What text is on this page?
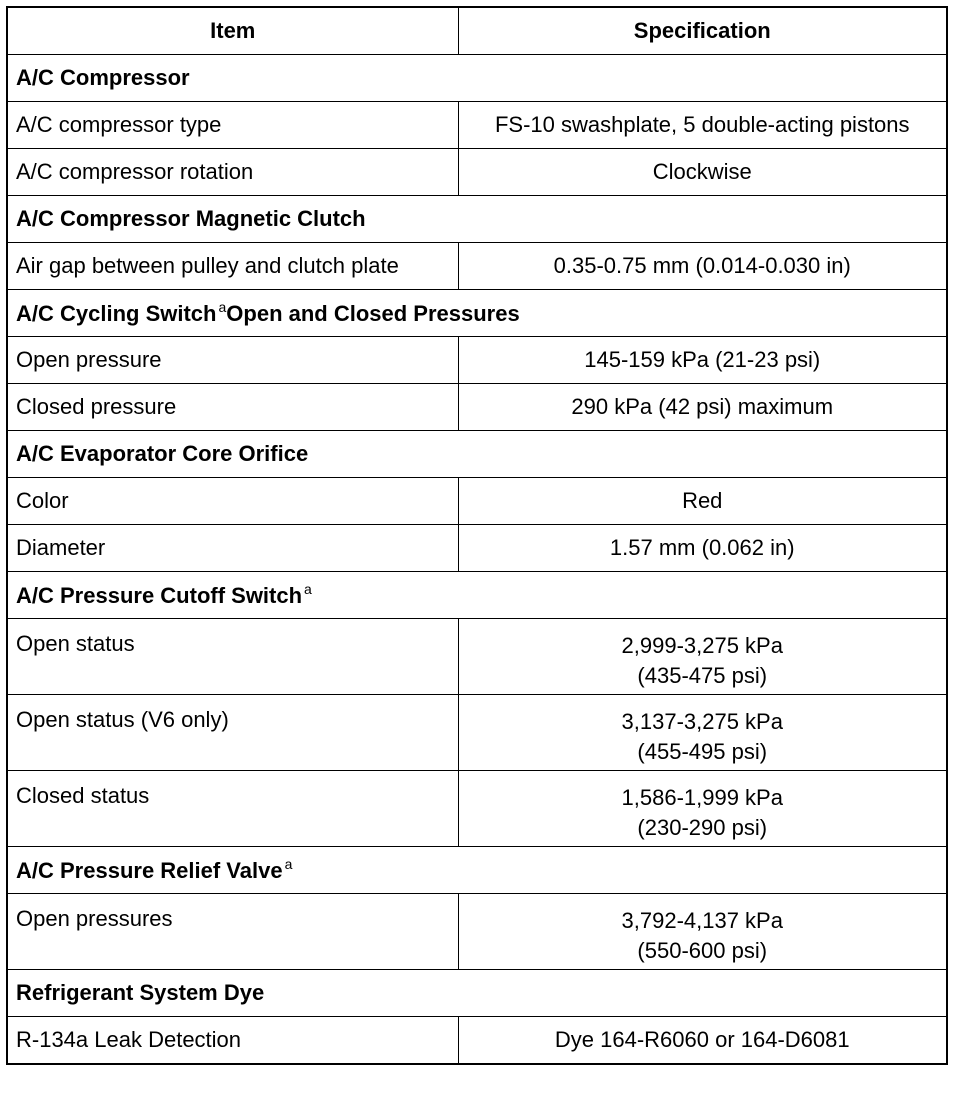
Item	Specification
A/C Compressor	
A/C compressor type	FS-10 swashplate, 5 double-acting pistons
A/C compressor rotation	Clockwise
A/C Compressor Magnetic Clutch	
Air gap between pulley and clutch plate	0.35-0.75 mm (0.014-0.030 in)
A/C Cycling Switch $^a$Open and Closed Pressures	
Open pressure	145-159 kPa (21-23 psi)
Closed pressure	290 kPa (42 psi) maximum
A/C Evaporator Core Orifice	
Color	Red
Diameter	1.57 mm (0.062 in)
A/C Pressure Cutoff Switch $^a$
Open status	2,999-3,275 kPa
(435-475 psi)

Open status (V6 only)	3,137-3,275 kPa
(455-495 psi)

Closed status	1,586-1,999 kPa
(230-290 psi)

A/C Pressure Relief Valve $^a$
Open pressures	3,792-4,137 kPa
(550-600 psi)

Refrigerant System Dye	
R-134a Leak Detection	Dye 164-R6060 or 164-D6081
